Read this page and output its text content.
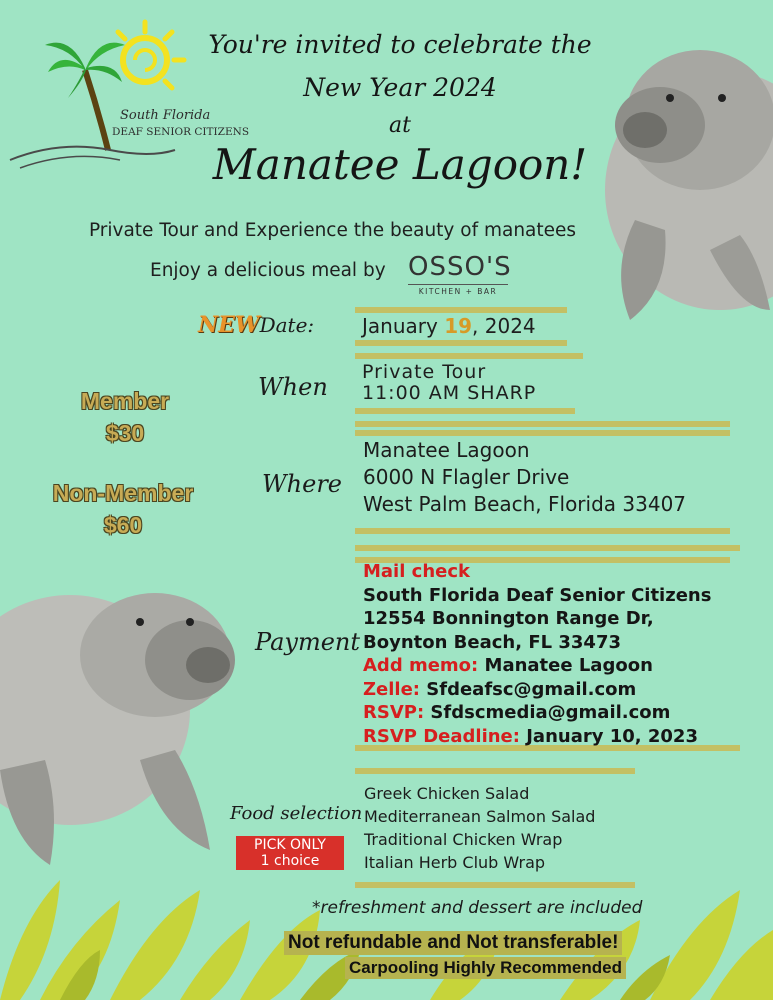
South Florida
DEAF SENIOR CITIZENS
You're invited to celebrate the
New Year 2024
at
Manatee Lagoon!
Private Tour and Experience the beauty of manatees
Enjoy a delicious meal by OSSO'S
KITCHEN + BAR
NEWDate: January 19, 2024
When
Private Tour
11:00 AM SHARP
Member
$30
Non-Member
$60
Where
Manatee Lagoon
6000 N Flagler Drive
West Palm Beach, Florida 33407
Payment
Mail check
South Florida Deaf Senior Citizens
12554 Bonnington Range Dr,
Boynton Beach, FL 33473
Add memo: Manatee Lagoon
Zelle: Sfdeafsc@gmail.com
RSVP: Sfdscmedia@gmail.com
RSVP Deadline: January 10, 2023
Food selection
PICK ONLY
1 choice
Greek Chicken Salad
Mediterranean Salmon Salad
Traditional Chicken Wrap
Italian Herb Club Wrap
*refreshment and dessert are included
Not refundable and Not transferable!
Carpooling Highly Recommended
